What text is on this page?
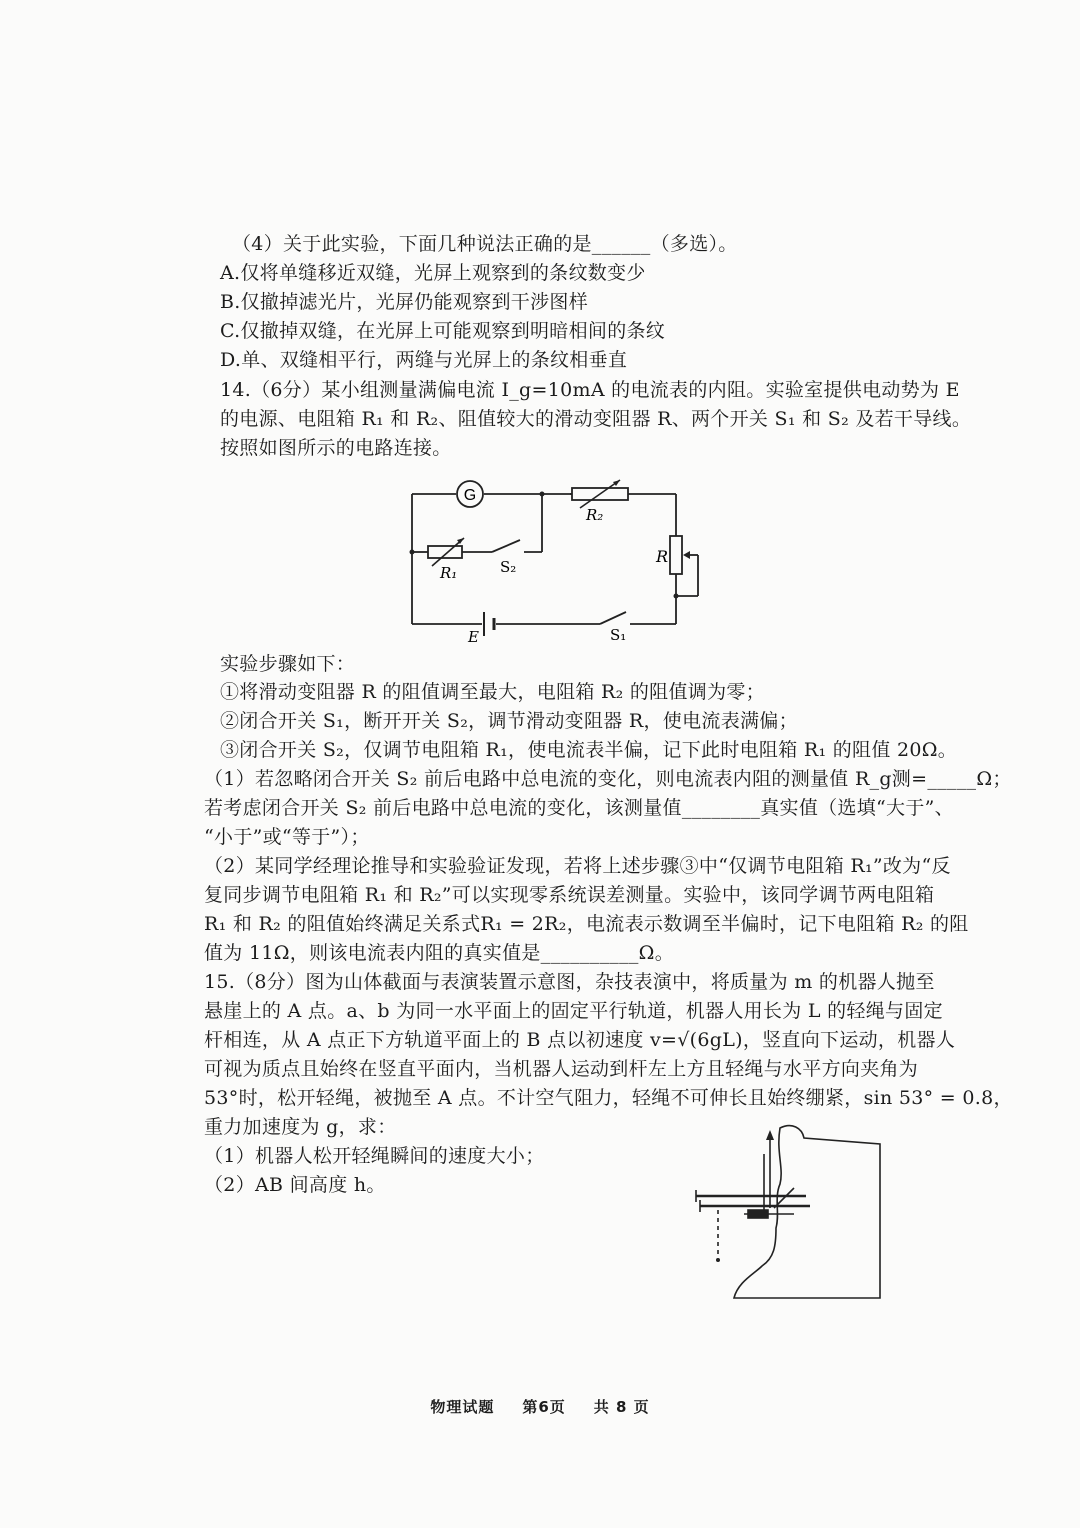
（4）关于此实验，下面几种说法正确的是______（多选）。
A.仅将单缝移近双缝，光屏上观察到的条纹数变少
B.仅撤掉滤光片，光屏仍能观察到干涉图样
C.仅撤掉双缝，在光屏上可能观察到明暗相间的条纹
D.单、双缝相平行，两缝与光屏上的条纹相垂直
14.（6分）某小组测量满偏电流 I_g=10mA 的电流表的内阻。实验室提供电动势为 E
的电源、电阻箱 R₁ 和 R₂、阻值较大的滑动变阻器 R、两个开关 S₁ 和 S₂ 及若干导线。
按照如图所示的电路连接。
G
R₂
R₁	S₂
R
E	S₁
实验步骤如下：
①将滑动变阻器 R 的阻值调至最大，电阻箱 R₂ 的阻值调为零；
②闭合开关 S₁，断开开关 S₂，调节滑动变阻器 R，使电流表满偏；
③闭合开关 S₂，仅调节电阻箱 R₁，使电流表半偏，记下此时电阻箱 R₁ 的阻值 20Ω。
（1）若忽略闭合开关 S₂ 前后电路中总电流的变化，则电流表内阻的测量值 R_g测=_____Ω；
若考虑闭合开关 S₂ 前后电路中总电流的变化，该测量值________真实值（选填“大于”、
“小于”或“等于”）；
（2）某同学经理论推导和实验验证发现，若将上述步骤③中“仅调节电阻箱 R₁”改为“反
复同步调节电阻箱 R₁ 和 R₂”可以实现零系统误差测量。实验中，该同学调节两电阻箱
R₁ 和 R₂ 的阻值始终满足关系式R₁ = 2R₂，电流表示数调至半偏时，记下电阻箱 R₂ 的阻
值为 11Ω，则该电流表内阻的真实值是__________Ω。
15.（8分）图为山体截面与表演装置示意图，杂技表演中，将质量为 m 的机器人抛至
悬崖上的 A 点。a、b 为同一水平面上的固定平行轨道，机器人用长为 L 的轻绳与固定
杆相连，从 A 点正下方轨道平面上的 B 点以初速度 v=√(6gL)，竖直向下运动，机器人
可视为质点且始终在竖直平面内，当机器人运动到杆左上方且轻绳与水平方向夹角为
53°时，松开轻绳，被抛至 A 点。不计空气阻力，轻绳不可伸长且始终绷紧，sin 53° = 0.8，
重力加速度为 g，求：
（1）机器人松开轻绳瞬间的速度大小；
（2）AB 间高度 h。
物理试题 第6页 共 8 页
